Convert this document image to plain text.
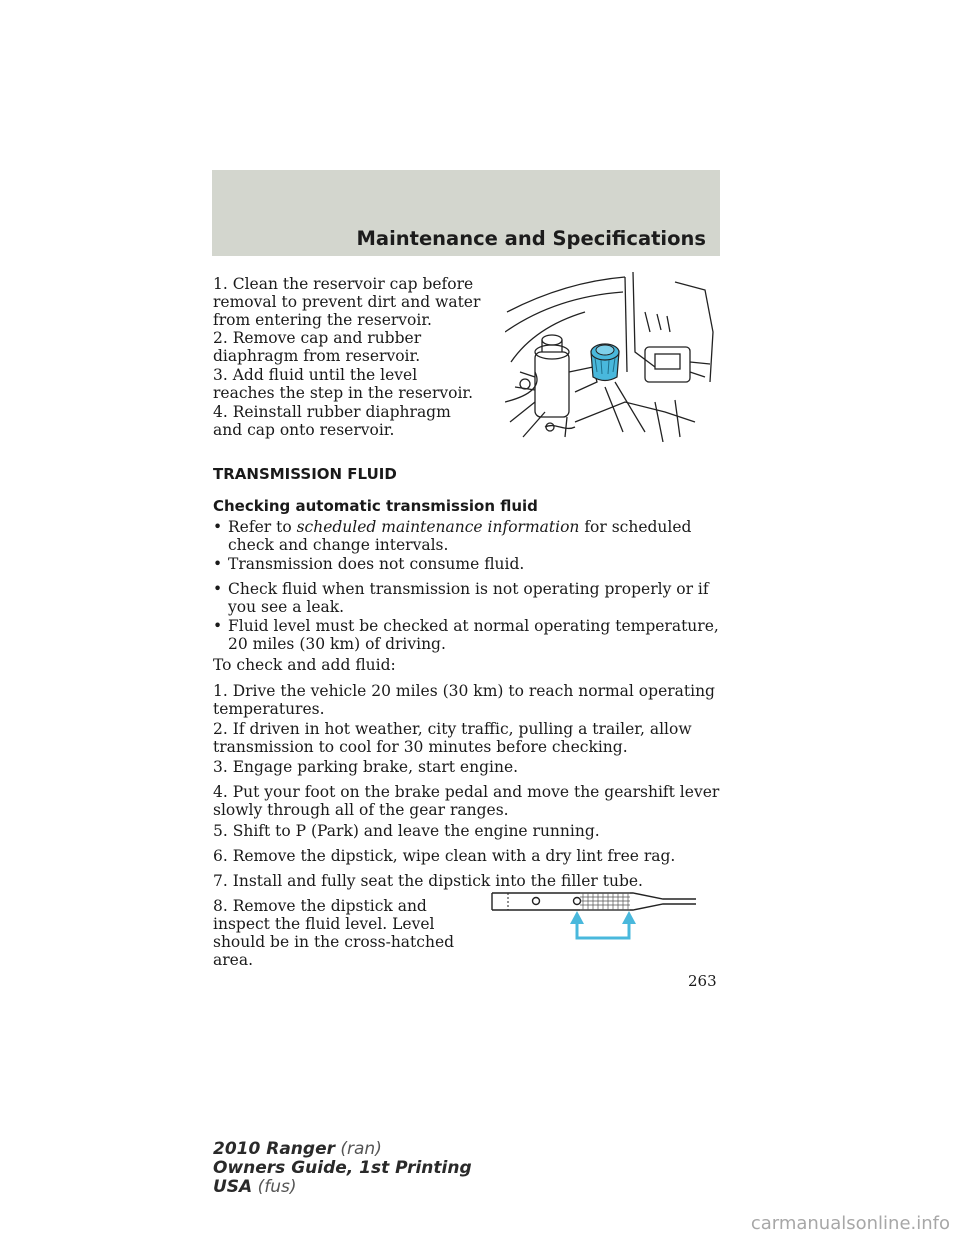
Maintenance and Specifications

1. Clean the reservoir cap before removal to prevent dirt and water from entering the reservoir.

2. Remove cap and rubber diaphragm from reservoir.

3. Add fluid until the level reaches the step in the reservoir.

4. Reinstall rubber diaphragm and cap onto reservoir.

TRANSMISSION FLUID
Checking automatic transmission fluid
• Refer to scheduled maintenance information for scheduled check and change intervals.
• Transmission does not consume fluid.
• Check fluid when transmission is not operating properly or if you see a leak.
• Fluid level must be checked at normal operating temperature, 20 miles (30 km) of driving.

To check and add fluid:

1. Drive the vehicle 20 miles (30 km) to reach normal operating temperatures.

2. If driven in hot weather, city traffic, pulling a trailer, allow transmission to cool for 30 minutes before checking.

3. Engage parking brake, start engine.

4. Put your foot on the brake pedal and move the gearshift lever slowly through all of the gear ranges.

5. Shift to P (Park) and leave the engine running.

6. Remove the dipstick, wipe clean with a dry lint free rag.

7. Install and fully seat the dipstick into the filler tube.

8. Remove the dipstick and inspect the fluid level. Level should be in the cross-hatched area.

263
2010 Ranger (ran)
Owners Guide, 1st Printing
USA (fus)
carmanualsonline.info
